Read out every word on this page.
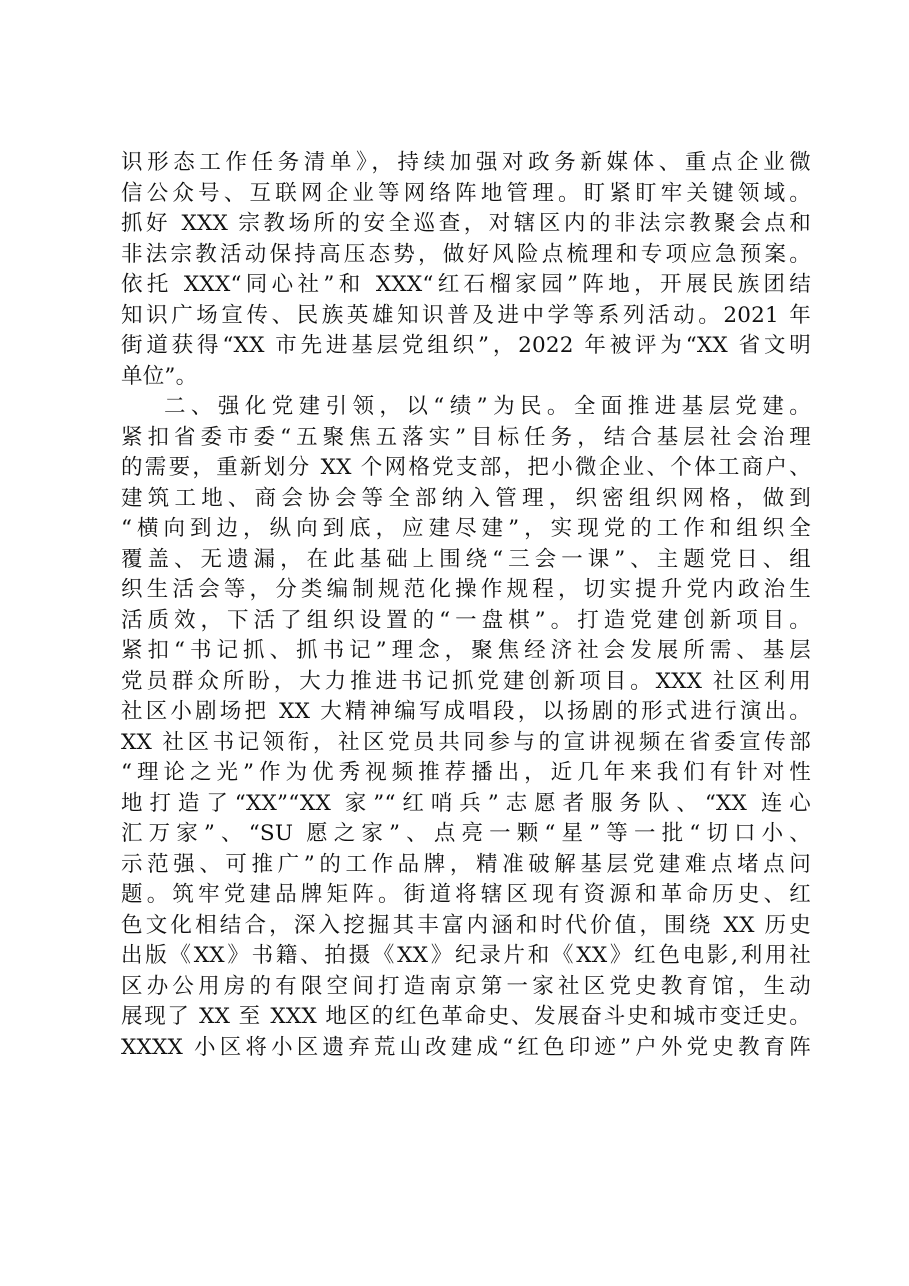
识形态工作任务清单》，持续加强对政务新媒体、重点企业微
信公众号、互联网企业等网络阵地管理。盯紧盯牢关键领域。
抓好 XXX 宗教场所的安全巡查，对辖区内的非法宗教聚会点和
非法宗教活动保持高压态势，做好风险点梳理和专项应急预案。
依托 XXX“同心社”和 XXX“红石榴家园”阵地，开展民族团结
知识广场宣传、民族英雄知识普及进中学等系列活动。2021 年
街道获得“XX 市先进基层党组织”，2022 年被评为“XX 省文明
单位”。
二、强化党建引领，以“绩”为民。全面推进基层党建。
紧扣省委市委“五聚焦五落实”目标任务，结合基层社会治理
的需要，重新划分 XX 个网格党支部，把小微企业、个体工商户、
建筑工地、商会协会等全部纳入管理，织密组织网格，做到
“横向到边，纵向到底，应建尽建”，实现党的工作和组织全
覆盖、无遗漏，在此基础上围绕“三会一课”、主题党日、组
织生活会等，分类编制规范化操作规程，切实提升党内政治生
活质效，下活了组织设置的“一盘棋”。打造党建创新项目。
紧扣“书记抓、抓书记”理念，聚焦经济社会发展所需、基层
党员群众所盼，大力推进书记抓党建创新项目。XXX 社区利用
社区小剧场把 XX 大精神编写成唱段，以扬剧的形式进行演出。
XX 社区书记领衔，社区党员共同参与的宣讲视频在省委宣传部
“理论之光”作为优秀视频推荐播出，近几年来我们有针对性
地打造了“XX”“XX 家”“红哨兵”志愿者服务队、“XX 连心
汇万家”、“SU 愿之家”、点亮一颗“星”等一批“切口小、
示范强、可推广”的工作品牌，精准破解基层党建难点堵点问
题。筑牢党建品牌矩阵。街道将辖区现有资源和革命历史、红
色文化相结合，深入挖掘其丰富内涵和时代价值，围绕 XX 历史
出版《XX》书籍、拍摄《XX》纪录片和《XX》红色电影,利用社
区办公用房的有限空间打造南京第一家社区党史教育馆，生动
展现了 XX 至 XXX 地区的红色革命史、发展奋斗史和城市变迁史。
XXXX 小区将小区遗弃荒山改建成“红色印迹”户外党史教育阵
